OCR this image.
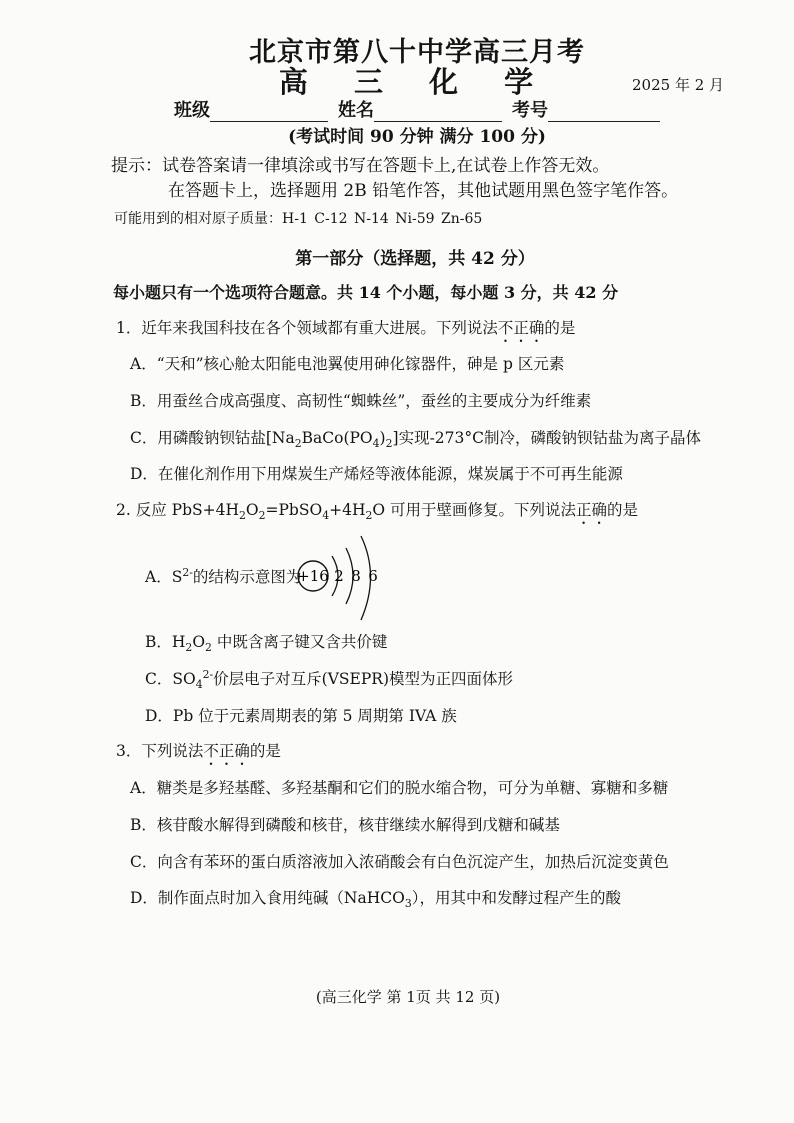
北京市第八十中学高三月考
高 三 化 学	2025 年 2 月
班级	姓名	考号
(考试时间 90 分钟 满分 100 分)
提示：试卷答案请一律填涂或书写在答题卡上,在试卷上作答无效。
在答题卡上，选择题用 2B 铅笔作答，其他试题用黑色签字笔作答。
可能用到的相对原子质量：H-1 C-12 N-14 Ni-59 Zn-65
第一部分（选择题，共 42 分）
每小题只有一个选项符合题意。共 14 个小题，每小题 3 分，共 42 分
1．近年来我国科技在各个领域都有重大进展。下列说法不正确的是
A．“天和”核心舱太阳能电池翼使用砷化镓器件，砷是 p 区元素
B．用蚕丝合成高强度、高韧性“蜘蛛丝”，蚕丝的主要成分为纤维素
C．用磷酸钠钡钴盐$[Na_2BaCo(PO_4)_2]$实现-273°C制冷，磷酸钠钡钴盐为离子晶体
D．在催化剂作用下用煤炭生产烯烃等液体能源，煤炭属于不可再生能源
2. 反应 $PbS+4H_2O_2=PbSO_4+4H_2O$ 可用于壁画修复。下列说法正确的是
A．$S^{2-}$的结构示意图为
+16 2 8 6
B．$H_2O_2$ 中既含离子键又含共价键
C．$SO_4^{2-}$价层电子对互斥(VSEPR)模型为正四面体形
D．Pb 位于元素周期表的第 5 周期第 IVA 族
3．下列说法不正确的是
A．糖类是多羟基醛、多羟基酮和它们的脱水缩合物，可分为单糖、寡糖和多糖
B．核苷酸水解得到磷酸和核苷，核苷继续水解得到戊糖和碱基
C．向含有苯环的蛋白质溶液加入浓硝酸会有白色沉淀产生，加热后沉淀变黄色
D．制作面点时加入食用纯碱（NaHCO$_3$），用其中和发酵过程产生的酸
(高三化学 第 1页 共 12 页)
